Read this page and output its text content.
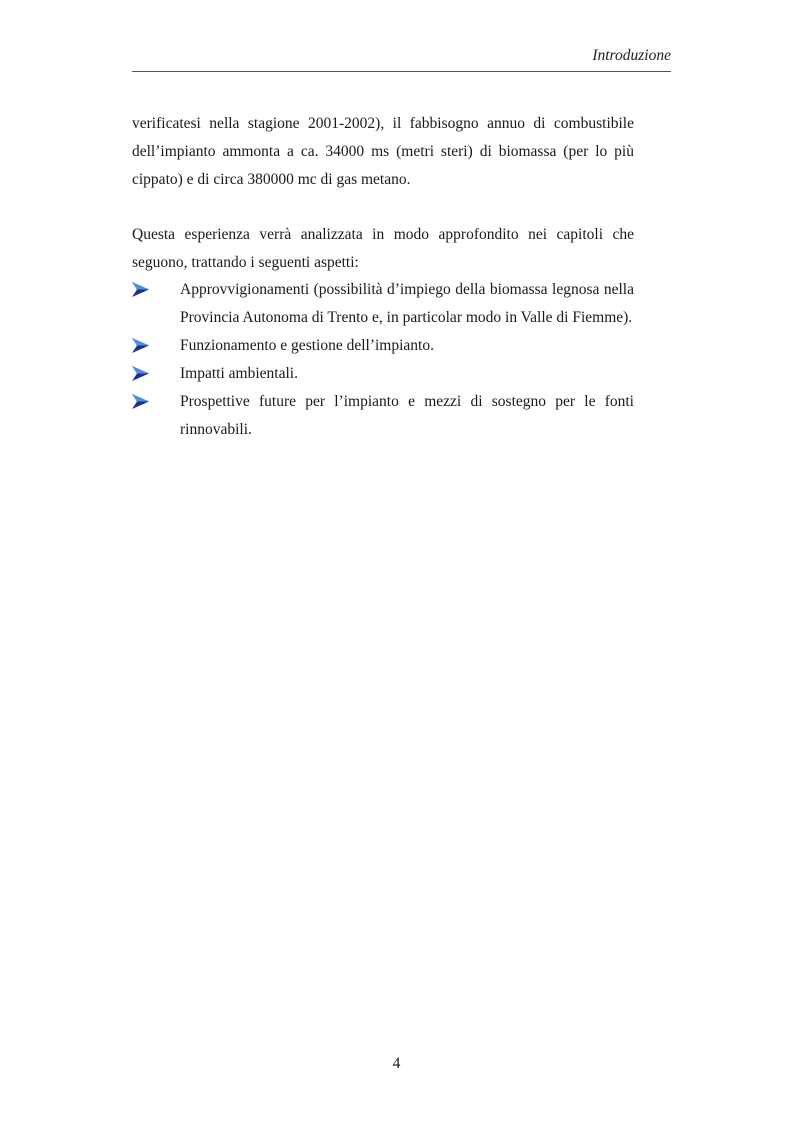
Introduzione

verificatesi nella stagione 2001-2002), il fabbisogno annuo di combustibile dell’impianto ammonta a ca. 34000 ms (metri steri) di biomassa (per lo più cippato) e di circa 380000 mc di gas metano.

Questa esperienza verrà analizzata in modo approfondito nei capitoli che seguono, trattando i seguenti aspetti:

Approvvigionamenti (possibilità d’impiego della biomassa legnosa nella Provincia Autonoma di Trento e, in particolar modo in Valle di Fiemme).
Funzionamento e gestione dell’impianto.
Impatti ambientali.
Prospettive future per l’impianto e mezzi di sostegno per le fonti rinnovabili.
4
